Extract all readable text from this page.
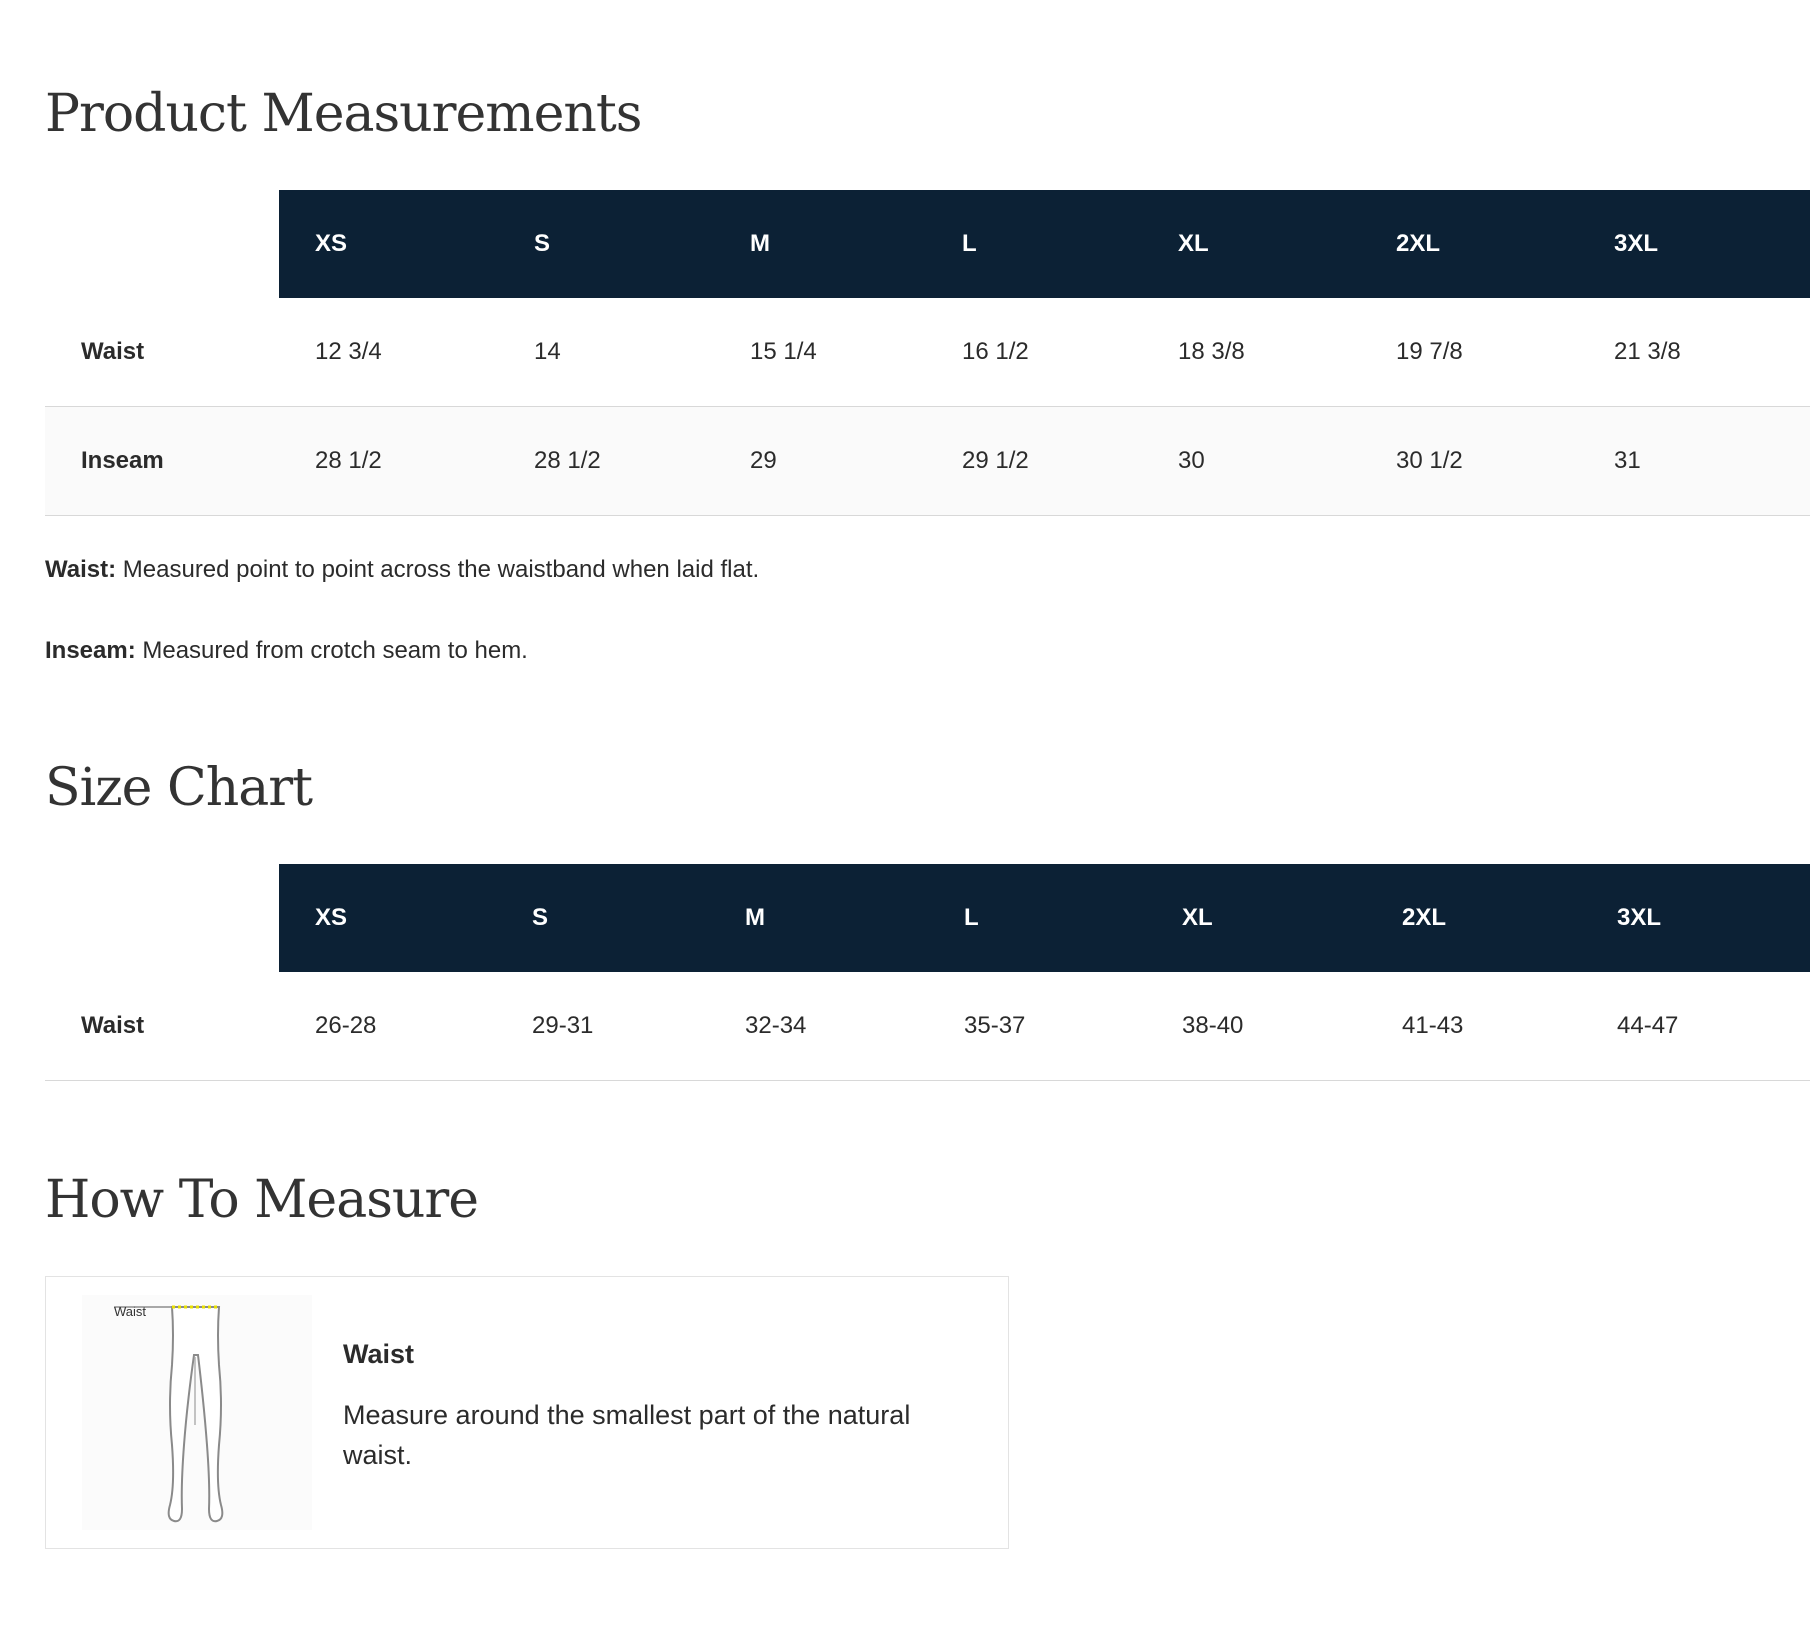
Product Measurements
	XS	S	M	L	XL	2XL	3XL
Waist	12 3/4	14	15 1/4	16 1/2	18 3/8	19 7/8	21 3/8
Inseam	28 1/2	28 1/2	29	29 1/2	30	30 1/2	31

Waist: Measured point to point across the waistband when laid flat.

Inseam: Measured from crotch seam to hem.

Size Chart
	XS	S	M	L	XL	2XL	3XL
Waist	26-28	29-31	32-34	35-37	38-40	41-43	44-47
How To Measure
Waist
Waist

Measure around the smallest part of the natural waist.
